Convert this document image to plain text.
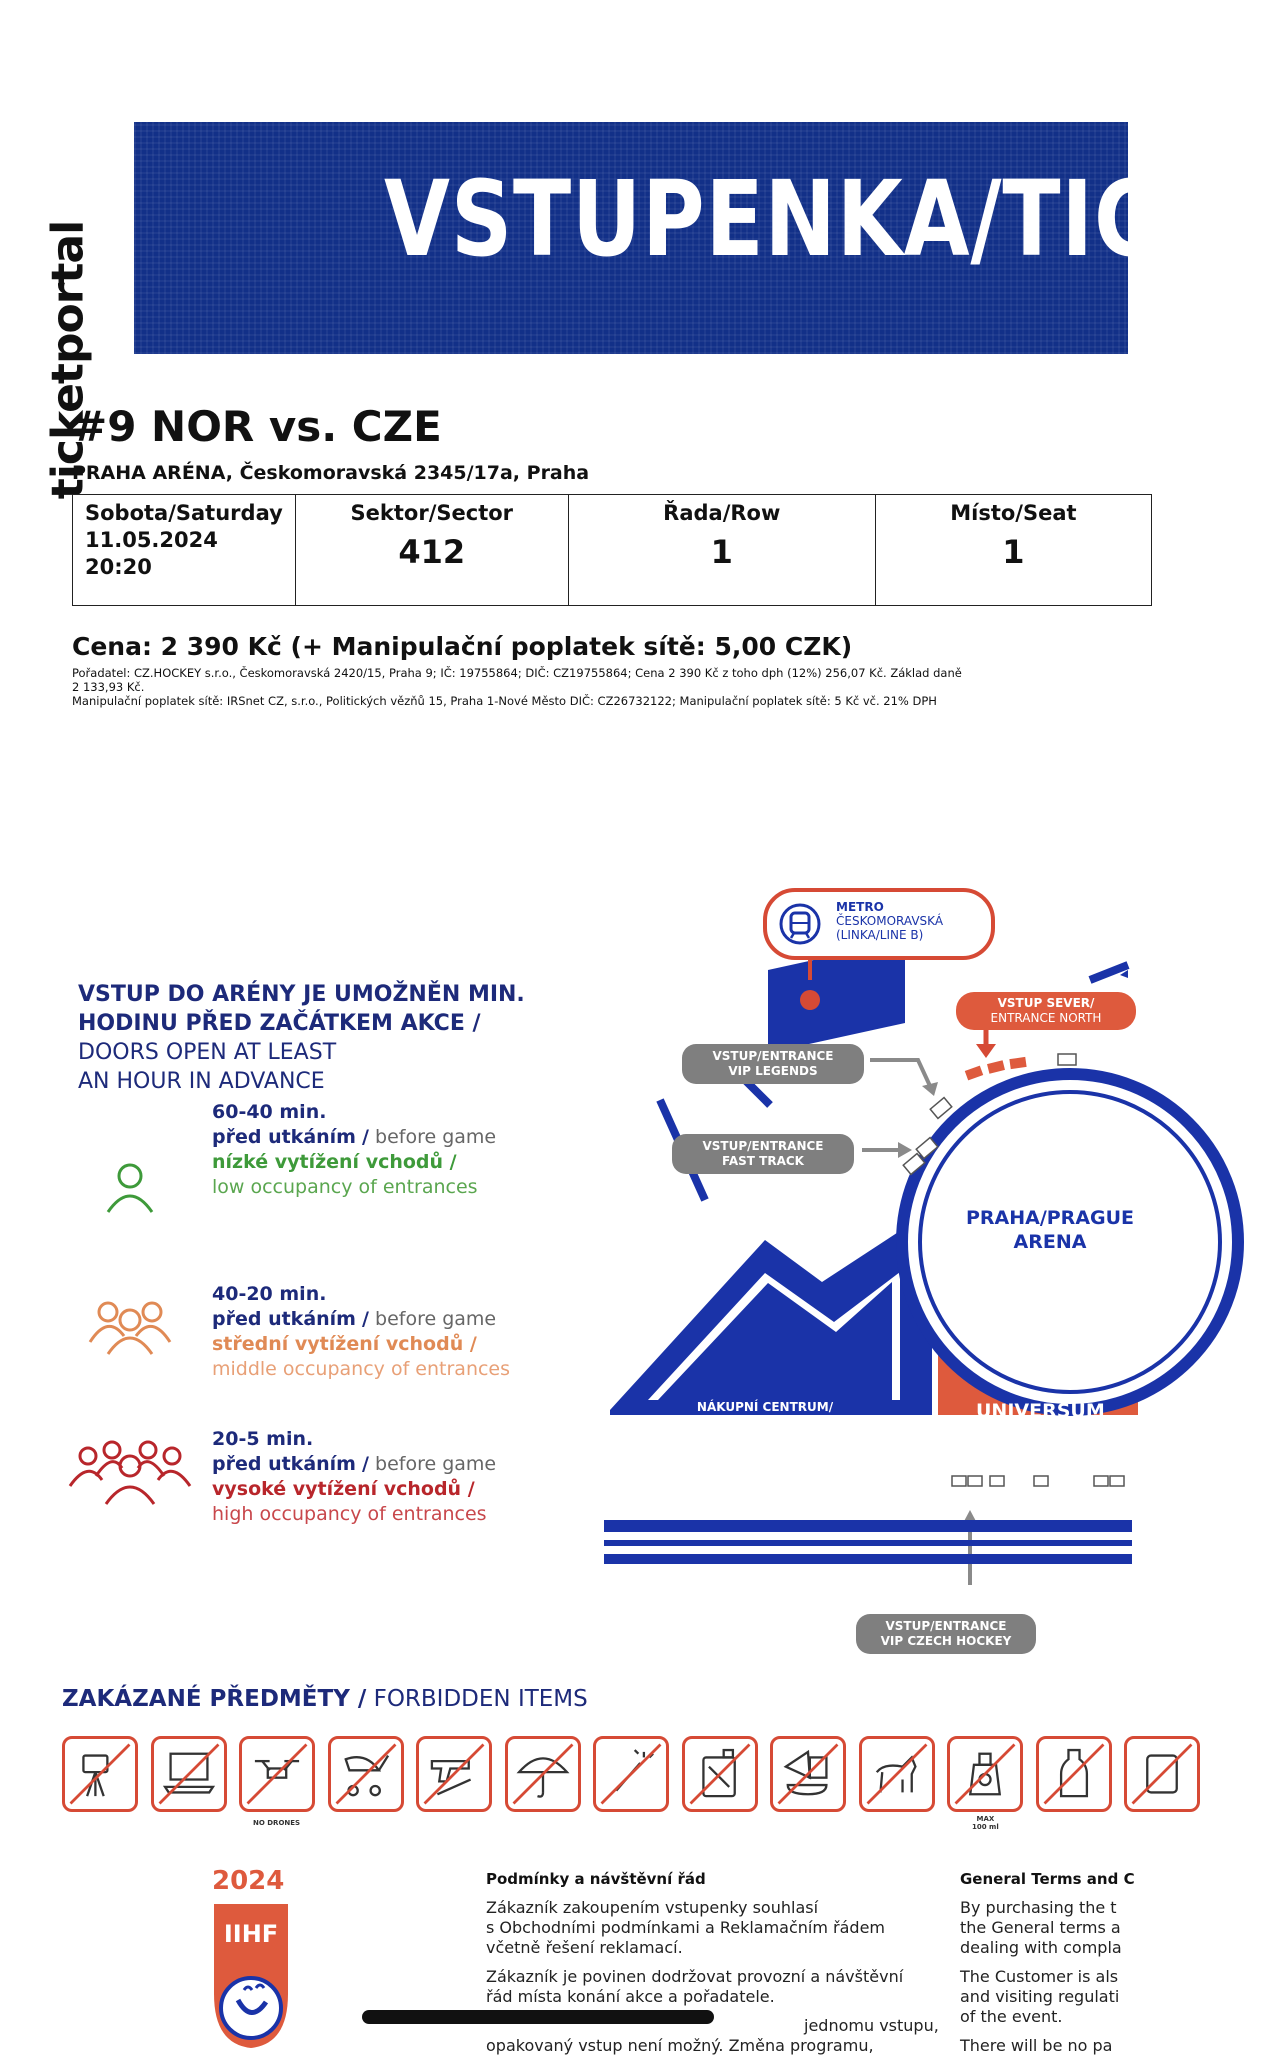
ticketportal
VSTUPENKA/TICKE
#9 NOR vs. CZE
PRAHA ARÉNA, Českomoravská 2345/17a, Praha
Sobota/Saturday
11.05.2024
20:20

Sektor/Sector
412

Řada/Row
1

Místo/Seat
1
Cena: 2 390 Kč (+ Manipulační poplatek sítě: 5,00 CZK)
Pořadatel: CZ.HOCKEY s.r.o., Českomoravská 2420/15, Praha 9; IČ: 19755864; DIČ: CZ19755864; Cena 2 390 Kč z toho dph (12%) 256,07 Kč. Základ daně
2 133,93 Kč.
Manipulační poplatek sítě: IRSnet CZ, s.r.o., Politických vězňů 15, Praha 1-Nové Město DIČ: CZ26732122; Manipulační poplatek sítě: 5 Kč vč. 21% DPH
VSTUP DO ARÉNY JE UMOŽNĚN MIN.
HODINU PŘED ZAČÁTKEM AKCE /
DOORS OPEN AT LEAST
AN HOUR IN ADVANCE
60-40 min.
před utkáním / before game
nízké vytížení vchodů /
low occupancy of entrances
40-20 min.
před utkáním / before game
střední vytížení vchodů /
middle occupancy of entrances
20-5 min.
před utkáním / before game
vysoké vytížení vchodů /
high occupancy of entrances
METRO
ČESKOMORAVSKÁ
(LINKA/LINE B)
VSTUP SEVER/
ENTRANCE NORTH
VSTUP/ENTRANCE
VIP LEGENDS
VSTUP/ENTRANCE
FAST TRACK
PRAHA/PRAGUE
ARENA
NÁKUPNÍ CENTRUM/
SHOPPING CENTER	UNIVERSUM
VSTUP/ENTRANCE
VIP CZECH HOCKEY
ZAKÁZANÉ PŘEDMĚTY / FORBIDDEN ITEMS
NO DRONES	MAX
100 ml
2024
IIHF
Podmínky a návštěvní řád
Zákazník zakoupením vstupenky souhlasí
s Obchodními podmínkami a Reklamačním řádem
včetně řešení reklamací.
Zákazník je povinen dodržovat provozní a návštěvní
řád místa konání akce a pořadatele.
jednomu vstupu,
opakovaný vstup není možný. Změna programu,
General Terms and C
By purchasing the t
the General terms a
dealing with compla
The Customer is als
and visiting regulati
of the event.
There will be no pa
